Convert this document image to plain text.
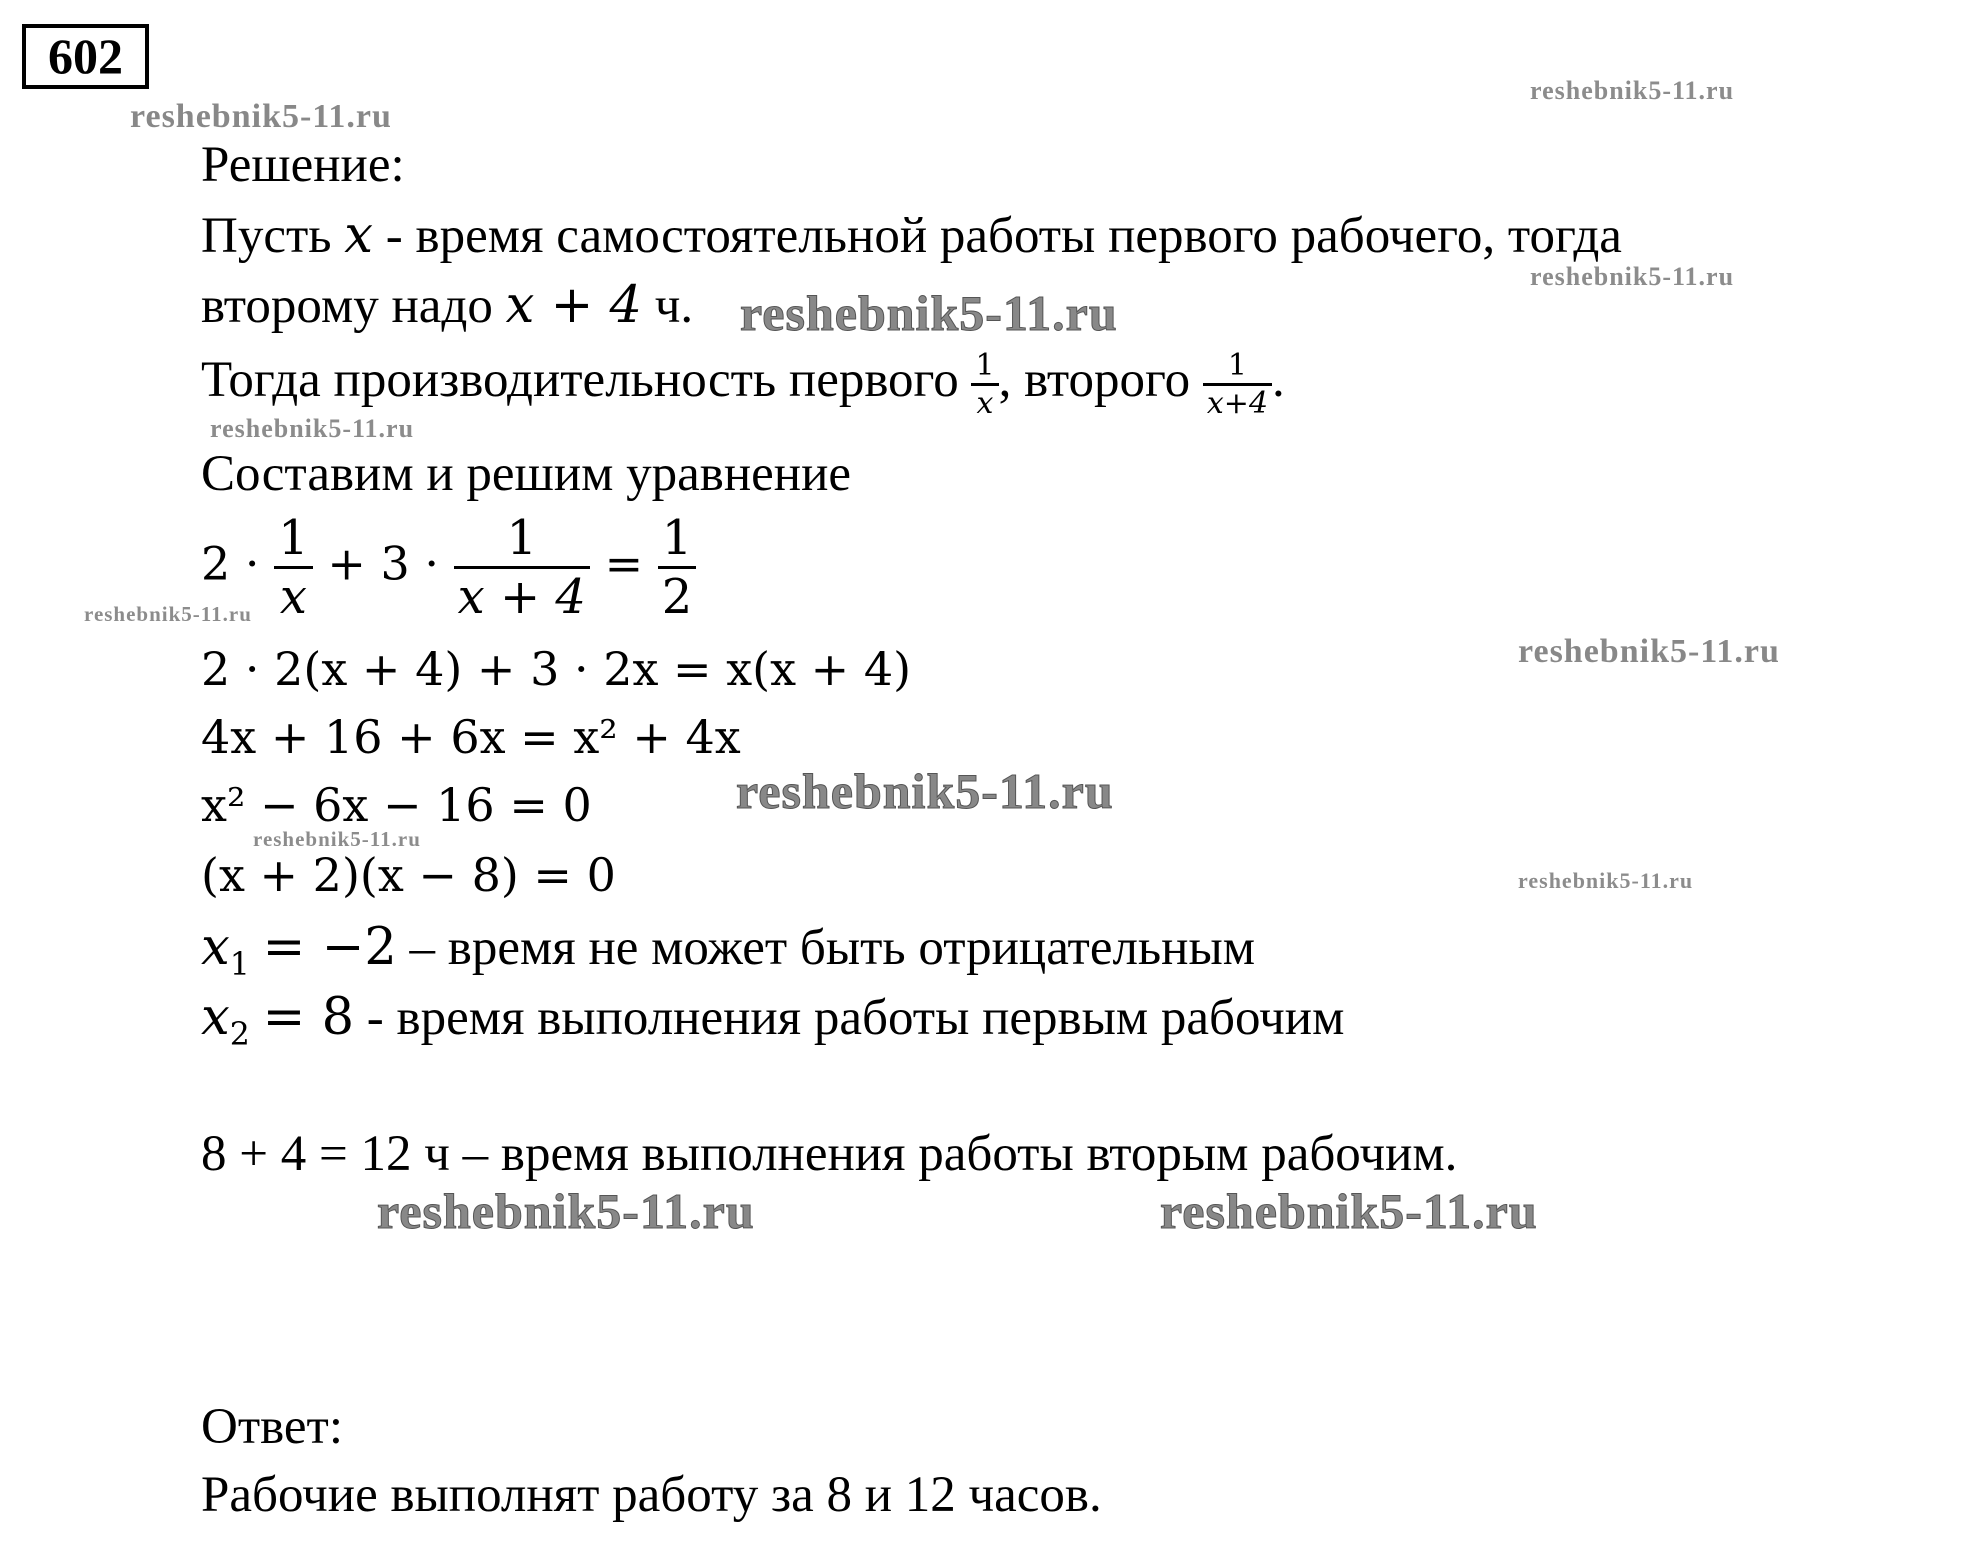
602
reshebnik5-11.ru
reshebnik5-11.ru
reshebnik5-11.ru
reshebnik5-11.ru
reshebnik5-11.ru
reshebnik5-11.ru
reshebnik5-11.ru
reshebnik5-11.ru
reshebnik5-11.ru
reshebnik5-11.ru
reshebnik5-11.ru	reshebnik5-11.ru
Решение:
Пусть x - время самостоятельной работы первого рабочего, тогда
второму надо x + 4 ч.
Тогда производительность первого $\frac{1}{x}$ , второго $\frac{1}{x+4}$ .
Составим и решим уравнение
$2 \cdot \frac{1}{x} + 3 \cdot \frac{1}{x + 4} = \frac{1}{2}$
2 · 2(x + 4) + 3 · 2x = x(x + 4)
4x + 16 + 6x = x² + 4x
x² − 6x − 16 = 0
(x + 2)(x − 8) = 0
$x_1 = -2$ – время не может быть отрицательным
$x_2 = 8$ - время выполнения работы первым рабочим
8 + 4 = 12 ч – время выполнения работы вторым рабочим.
Ответ:
Рабочие выполнят работу за 8 и 12 часов.
